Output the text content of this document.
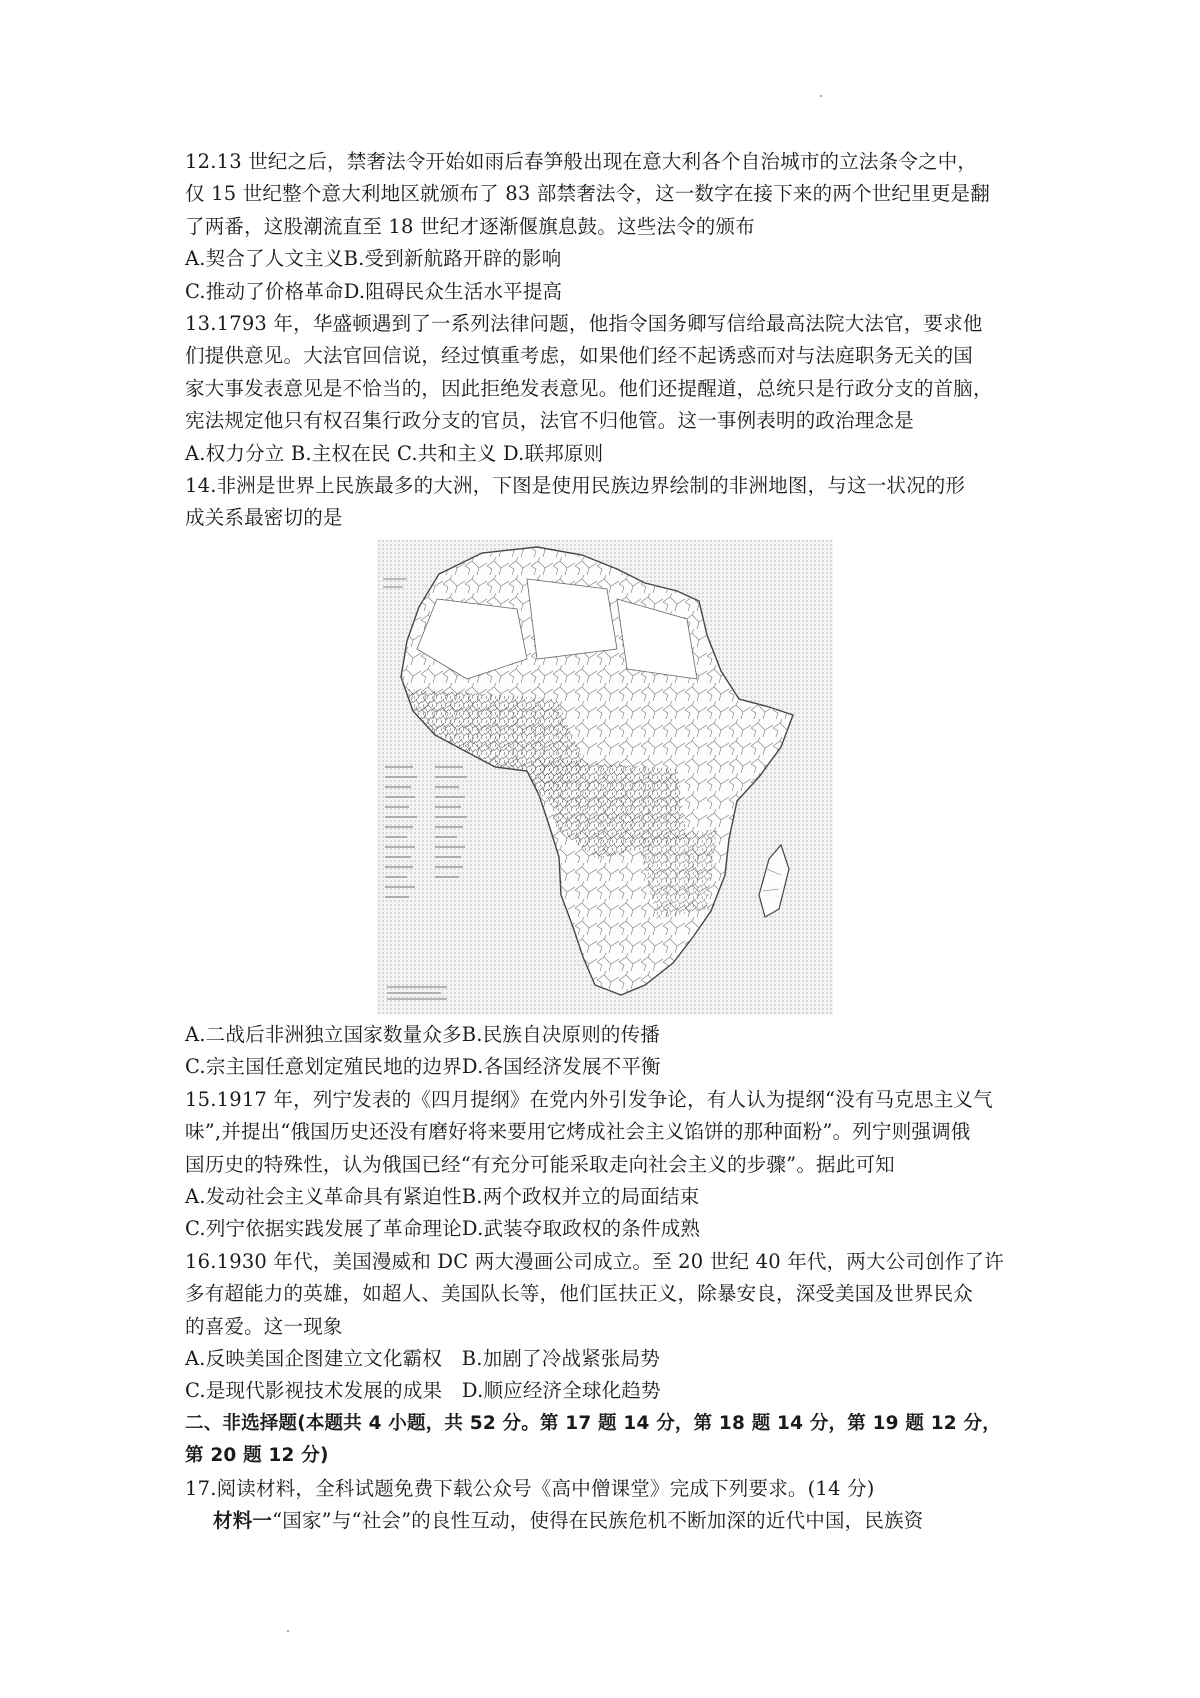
12.13 世纪之后，禁奢法令开始如雨后春笋般出现在意大利各个自治城市的立法条令之中，
仅 15 世纪整个意大利地区就颁布了 83 部禁奢法令，这一数字在接下来的两个世纪里更是翻
了两番，这股潮流直至 18 世纪才逐渐偃旗息鼓。这些法令的颁布
A.契合了人文主义B.受到新航路开辟的影响
C.推动了价格革命D.阻碍民众生活水平提高
13.1793 年，华盛顿遇到了一系列法律问题，他指令国务卿写信给最高法院大法官，要求他
们提供意见。大法官回信说，经过慎重考虑，如果他们经不起诱惑而对与法庭职务无关的国
家大事发表意见是不恰当的，因此拒绝发表意见。他们还提醒道，总统只是行政分支的首脑，
宪法规定他只有权召集行政分支的官员，法官不归他管。这一事例表明的政治理念是
A.权力分立 B.主权在民 C.共和主义 D.联邦原则
14.非洲是世界上民族最多的大洲，下图是使用民族边界绘制的非洲地图，与这一状况的形
成关系最密切的是
A.二战后非洲独立国家数量众多B.民族自决原则的传播
C.宗主国任意划定殖民地的边界D.各国经济发展不平衡
15.1917 年，列宁发表的《四月提纲》在党内外引发争论，有人认为提纲“没有马克思主义气
味”,并提出“俄国历史还没有磨好将来要用它烤成社会主义馅饼的那种面粉”。列宁则强调俄
国历史的特殊性，认为俄国已经“有充分可能采取走向社会主义的步骤”。据此可知
A.发动社会主义革命具有紧迫性B.两个政权并立的局面结束
C.列宁依据实践发展了革命理论D.武装夺取政权的条件成熟
16.1930 年代，美国漫威和 DC 两大漫画公司成立。至 20 世纪 40 年代，两大公司创作了许
多有超能力的英雄，如超人、美国队长等，他们匡扶正义，除暴安良，深受美国及世界民众
的喜爱。这一现象
A.反映美国企图建立文化霸权　B.加剧了冷战紧张局势
C.是现代影视技术发展的成果　D.顺应经济全球化趋势
二、非选择题(本题共 4 小题，共 52 分。第 17 题 14 分，第 18 题 14 分，第 19 题 12 分，
第 20 题 12 分)
17.阅读材料，全科试题免费下载公众号《高中僧课堂》完成下列要求。(14 分)
材料一“国家”与“社会”的良性互动，使得在民族危机不断加深的近代中国，民族资
